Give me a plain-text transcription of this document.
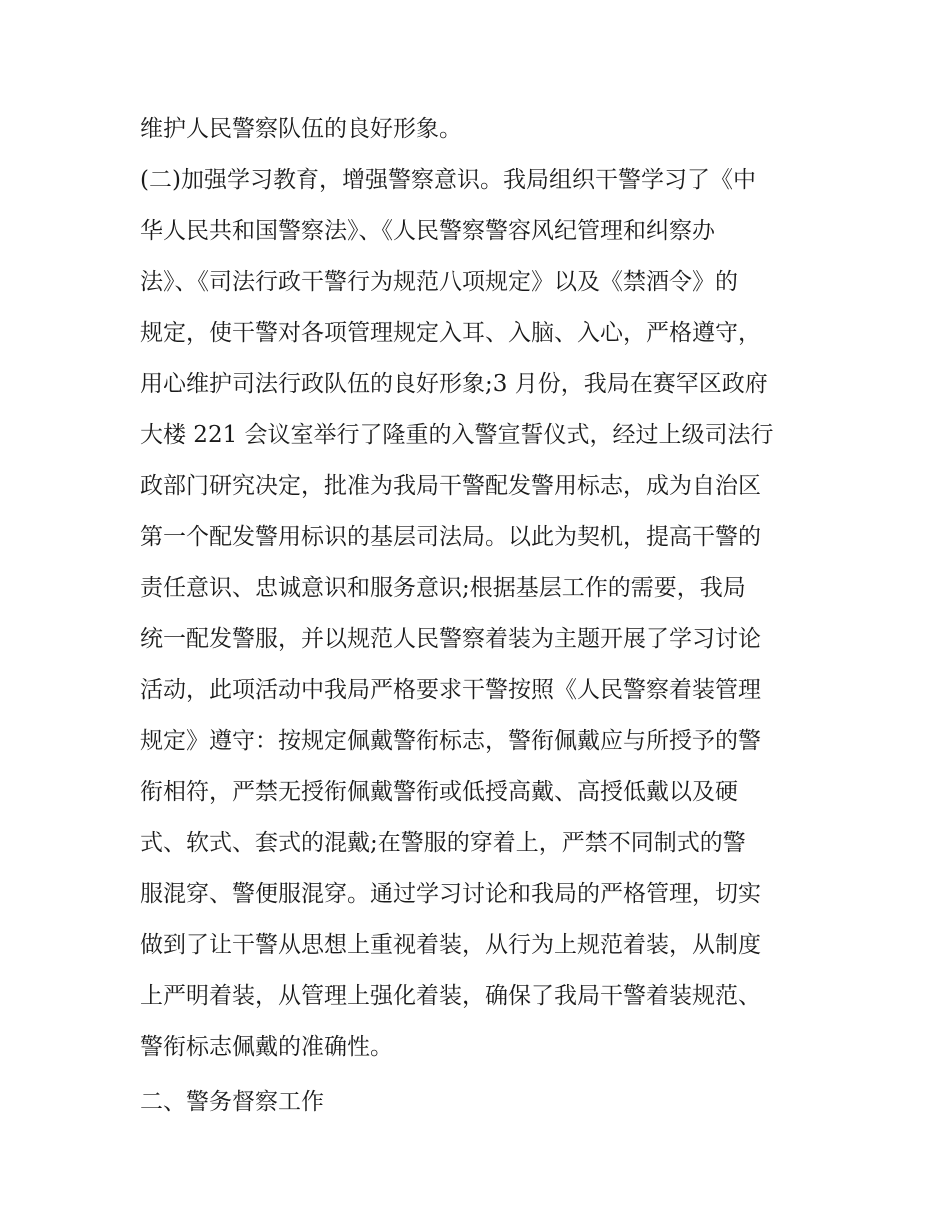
维护人民警察队伍的良好形象。
(二)加强学习教育，增强警察意识。我局组织干警学习了《中
华人民共和国警察法》、《人民警察警容风纪管理和纠察办
法》、《司法行政干警行为规范八项规定》以及《禁酒令》的
规定，使干警对各项管理规定入耳、入脑、入心，严格遵守，
用心维护司法行政队伍的良好形象;3 月份，我局在赛罕区政府
大楼 221 会议室举行了隆重的入警宣誓仪式，经过上级司法行
政部门研究决定，批准为我局干警配发警用标志，成为自治区
第一个配发警用标识的基层司法局。以此为契机，提高干警的
责任意识、忠诚意识和服务意识;根据基层工作的需要，我局
统一配发警服，并以规范人民警察着装为主题开展了学习讨论
活动，此项活动中我局严格要求干警按照《人民警察着装管理
规定》遵守：按规定佩戴警衔标志，警衔佩戴应与所授予的警
衔相符，严禁无授衔佩戴警衔或低授高戴、高授低戴以及硬
式、软式、套式的混戴;在警服的穿着上，严禁不同制式的警
服混穿、警便服混穿。通过学习讨论和我局的严格管理，切实
做到了让干警从思想上重视着装，从行为上规范着装，从制度
上严明着装，从管理上强化着装，确保了我局干警着装规范、
警衔标志佩戴的准确性。
二、警务督察工作
